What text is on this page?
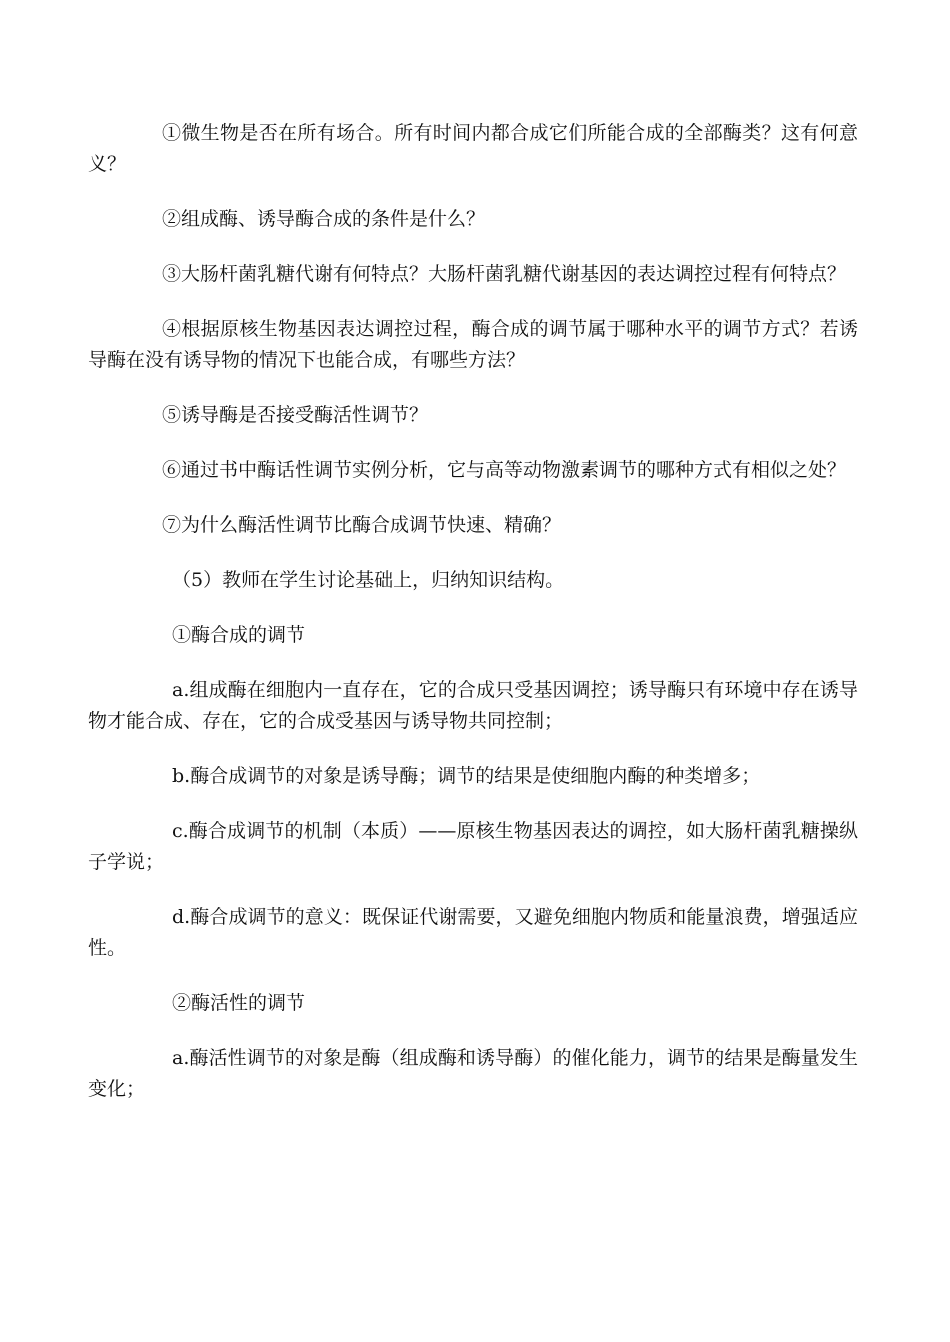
①微生物是否在所有场合。所有时间内都合成它们所能合成的全部酶类？这有何意义？

②组成酶、诱导酶合成的条件是什么？

③大肠杆菌乳糖代谢有何特点？大肠杆菌乳糖代谢基因的表达调控过程有何特点？

④根据原核生物基因表达调控过程，酶合成的调节属于哪种水平的调节方式？若诱导酶在没有诱导物的情况下也能合成，有哪些方法？

⑤诱导酶是否接受酶活性调节？

⑥通过书中酶话性调节实例分析，它与高等动物激素调节的哪种方式有相似之处？

⑦为什么酶活性调节比酶合成调节快速、精确？

（5）教师在学生讨论基础上，归纳知识结构。

①酶合成的调节

a.组成酶在细胞内一直存在，它的合成只受基因调控；诱导酶只有环境中存在诱导物才能合成、存在，它的合成受基因与诱导物共同控制；

b.酶合成调节的对象是诱导酶；调节的结果是使细胞内酶的种类增多；

c.酶合成调节的机制（本质）——原核生物基因表达的调控，如大肠杆菌乳糖操纵子学说；

d.酶合成调节的意义：既保证代谢需要，又避免细胞内物质和能量浪费，增强适应性。

②酶活性的调节

a.酶活性调节的对象是酶（组成酶和诱导酶）的催化能力，调节的结果是酶量发生变化；
